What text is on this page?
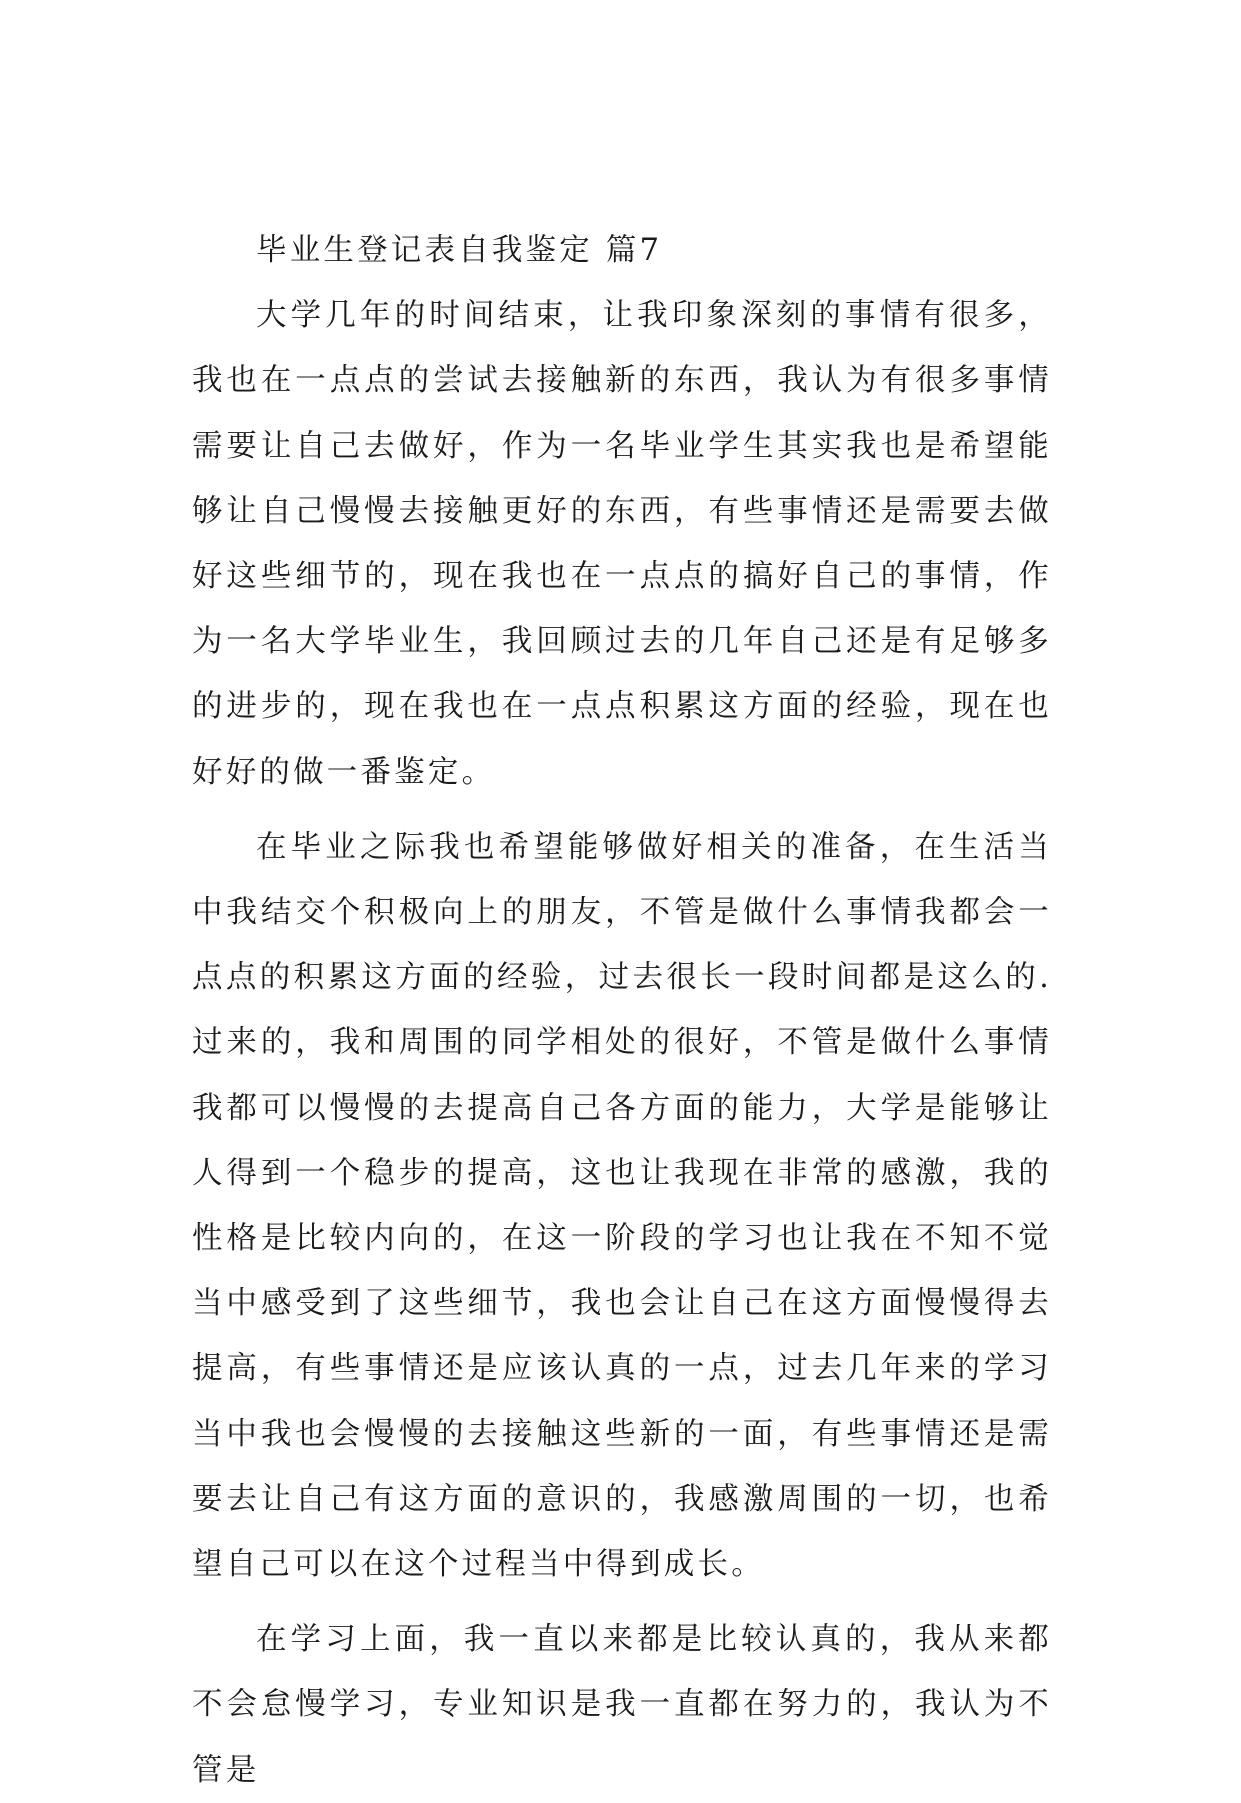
毕业生登记表自我鉴定 篇7

大学几年的时间结束，让我印象深刻的事情有很多，我也在一点点的尝试去接触新的东西，我认为有很多事情需要让自己去做好，作为一名毕业学生其实我也是希望能够让自己慢慢去接触更好的东西，有些事情还是需要去做好这些细节的，现在我也在一点点的搞好自己的事情，作为一名大学毕业生，我回顾过去的几年自己还是有足够多的进步的，现在我也在一点点积累这方面的经验，现在也好好的做一番鉴定。

在毕业之际我也希望能够做好相关的准备，在生活当中我结交个积极向上的朋友，不管是做什么事情我都会一点点的积累这方面的经验，过去很长一段时间都是这么的.过来的，我和周围的同学相处的很好，不管是做什么事情我都可以慢慢的去提高自己各方面的能力，大学是能够让人得到一个稳步的提高，这也让我现在非常的感激，我的性格是比较内向的，在这一阶段的学习也让我在不知不觉当中感受到了这些细节，我也会让自己在这方面慢慢得去提高，有些事情还是应该认真的一点，过去几年来的学习当中我也会慢慢的去接触这些新的一面，有些事情还是需要去让自己有这方面的意识的，我感激周围的一切，也希望自己可以在这个过程当中得到成长。

在学习上面，我一直以来都是比较认真的，我从来都不会怠慢学习，专业知识是我一直都在努力的，我认为不管是
